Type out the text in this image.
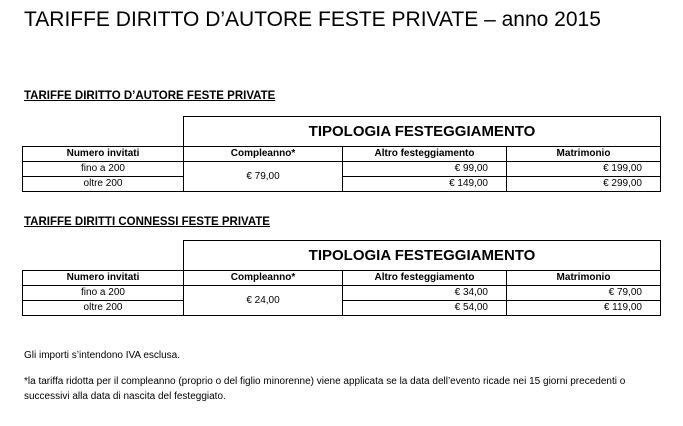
TARIFFE DIRITTO D’AUTORE FESTE PRIVATE – anno 2015
TARIFFE DIRITTO D’AUTORE FESTE PRIVATE
	TIPOLOGIA FESTEGGIAMENTO		
Numero invitati	Compleanno*	Altro festeggiamento	Matrimonio
fino a 200	€ 79,00	€ 99,00	€ 199,00
oltre 200		€ 149,00	€ 299,00
TARIFFE DIRITTI CONNESSI FESTE PRIVATE
	TIPOLOGIA FESTEGGIAMENTO		
Numero invitati	Compleanno*	Altro festeggiamento	Matrimonio
fino a 200	€ 24,00	€ 34,00	€ 79,00
oltre 200		€ 54,00	€ 119,00
Gli importi s’intendono IVA esclusa.
*la tariffa ridotta per il compleanno (proprio o del figlio minorenne) viene applicata se la data dell’evento ricade nei 15 giorni precedenti o successivi alla data di nascita del festeggiato.
